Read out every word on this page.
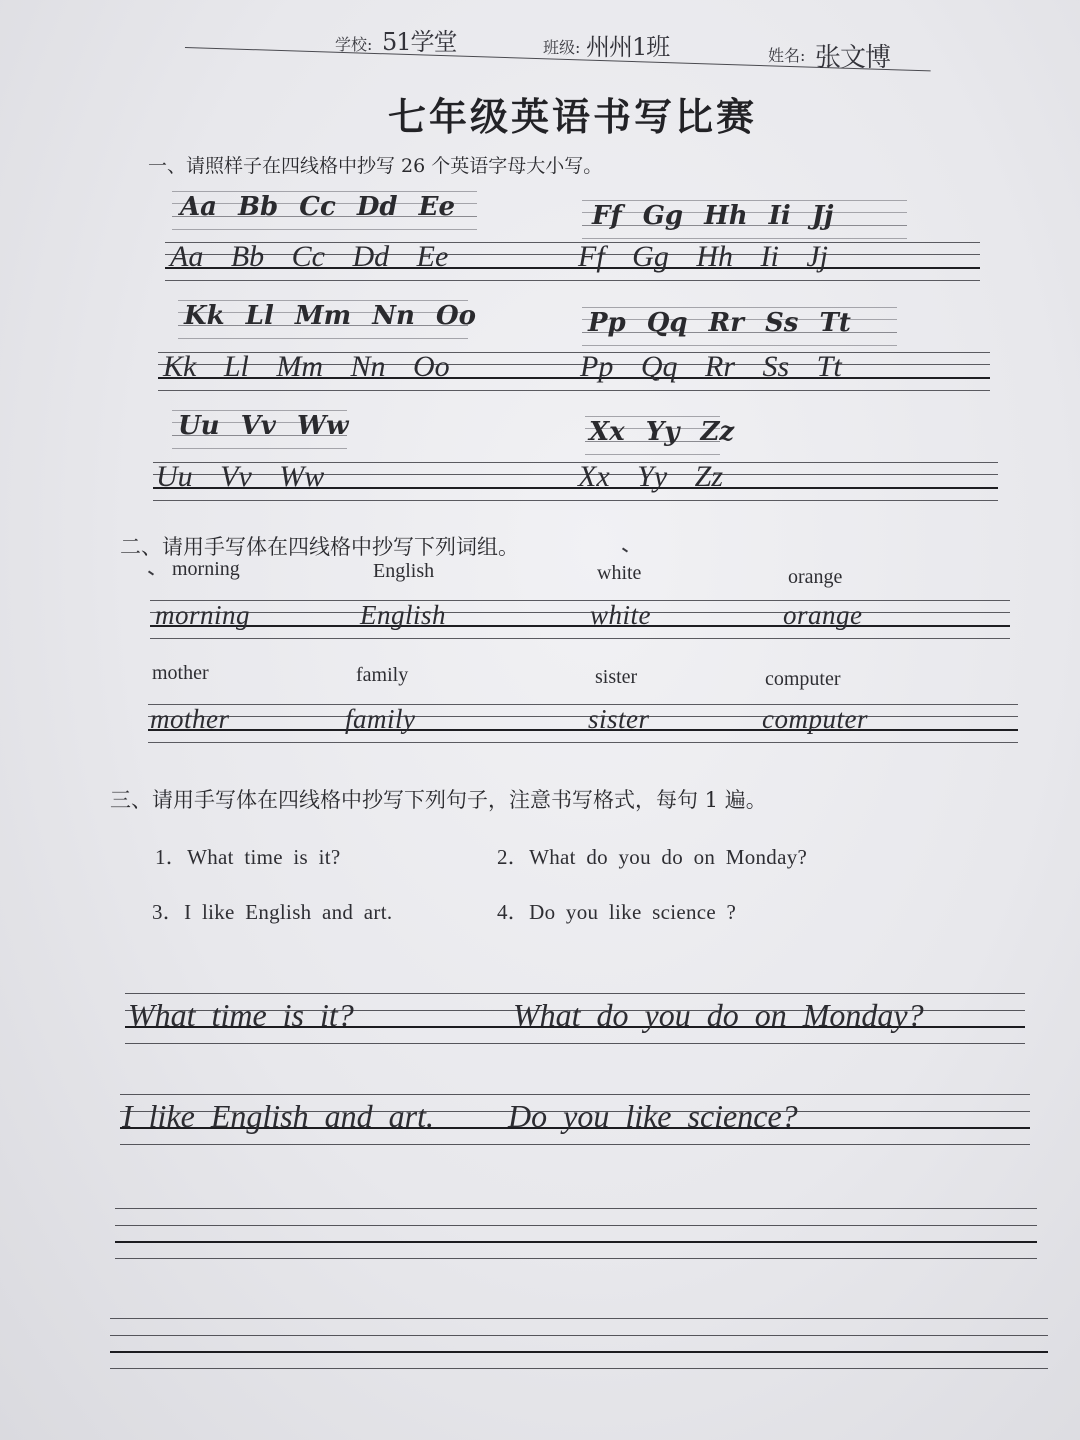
学校: 51学堂	班级: 州州1班	姓名: 张文博
七年级英语书写比赛
一、请照样子在四线格中抄写 26 个英语字母大小写。
Aa Bb Cc Dd Ee	Ff Gg Hh Ii Jj
Aa Bb Cc Dd Ee	Ff Gg Hh Ii Jj
Kk Ll Mm Nn Oo	Pp Qq Rr Ss Tt
Kk Ll Mm Nn Oo	Pp Qq Rr Ss Tt
Uu Vv Ww	Xx Yy Zz
Uu Vv Ww	Xx Yy Zz
二、请用手写体在四线格中抄写下列词组。
morning	English	white	orange
morning	English	white	orange
mother	family	sister	computer
mother	family	sister	computer
三、请用手写体在四线格中抄写下列句子，注意书写格式，每句 1 遍。
1．What time is it?	2．What do you do on Monday?
3．I like English and art.	4．Do you like science ?
What time is it?	What do you do on Monday?
I like English and art. Do you like science?
